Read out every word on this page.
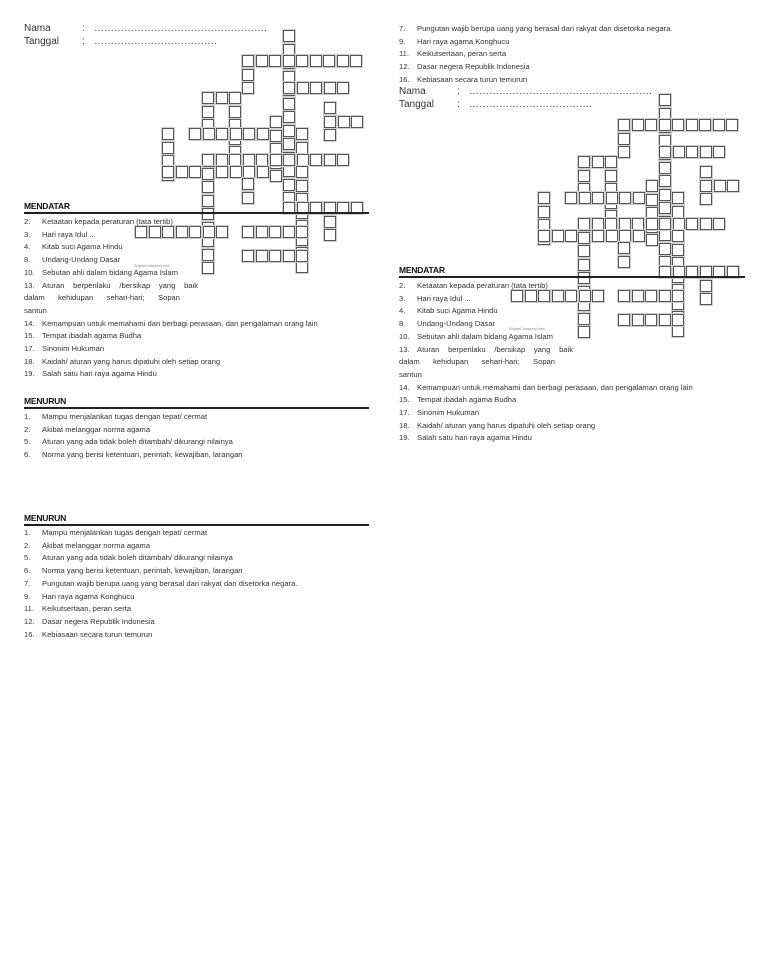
Nama	: …………………………………………….
Tanggal : ……………………………….
EclipseCrossword.com
MENDATAR
2. Ketaatan kepada peraturan (tata tertib)
3. Hari raya Idul ...
4. Kitab suci Agama Hindu
8. Undang-Undang Dasar
10. Sebutan ahli dalam bidang Agama Islam
13. Aturan berperilaku /bersikap yang baik
dalam kehidupan sehari-hari; Sopan
santun
14. Kemampuan untuk memahami dan berbagi perasaan, dan pengalaman orang lain
15. Tempat ibadah agama Budha
17. Sinonim Hukuman
18. Kaidah/ aturan yang harus dipatuhi oleh setiap orang
19. Salah satu hari raya agama Hindu
MENURUN
1. Mampu menjalankan tugas dengan tepat/ cermat
2. Akibat melanggar norma agama
5. Aturan yang ada tidak boleh ditambah/ dikurangi nilainya
6. Norma yang berisi ketentuan, perintah, kewajiban, larangan
MENURUN
1. Mampu menjalankan tugas dengan tepat/ cermat
2. Akibat melanggar norma agama
5. Aturan yang ada tidak boleh ditambah/ dikurangi nilainya
6. Norma yang berisi ketentuan, perintah, kewajiban, larangan
7. Pungutan wajib berupa uang yang berasal dari rakyat dan disetorka negara.
9. Hari raya agama Konghucu
11. Keikutsertaan, peran serta
12. Dasar negera Republik Indonesia
16. Kebiasaan secara turun temurun
7. Pungutan wajib berupa uang yang berasal dari rakyat dan disetorka negara.
9. Hari raya agama Konghucu
11. Keikutsertaan, peran serta
12. Dasar negera Republik Indonesia
16. Kebiasaan secara turun temurun
Nama	: ……………………………………………….
Tanggal : ……………………………….
EclipseCrossword.com
MENDATAR
2. Ketaatan kepada peraturan (tata tertib)
3. Hari raya Idul ...
4. Kitab suci Agama Hindu
8. Undang-Undang Dasar
10. Sebutan ahli dalam bidang Agama Islam
13. Aturan berperilaku /bersikap yang baik
dalam kehidupan sehari-hari; Sopan
santun
14. Kemampuan untuk memahami dan berbagi perasaan, dan pengalaman orang lain
15. Tempat ibadah agama Budha
17. Sinonim Hukuman
18. Kaidah/ aturan yang harus dipatuhi oleh setiap orang
19. Salah satu hari raya agama Hindu
